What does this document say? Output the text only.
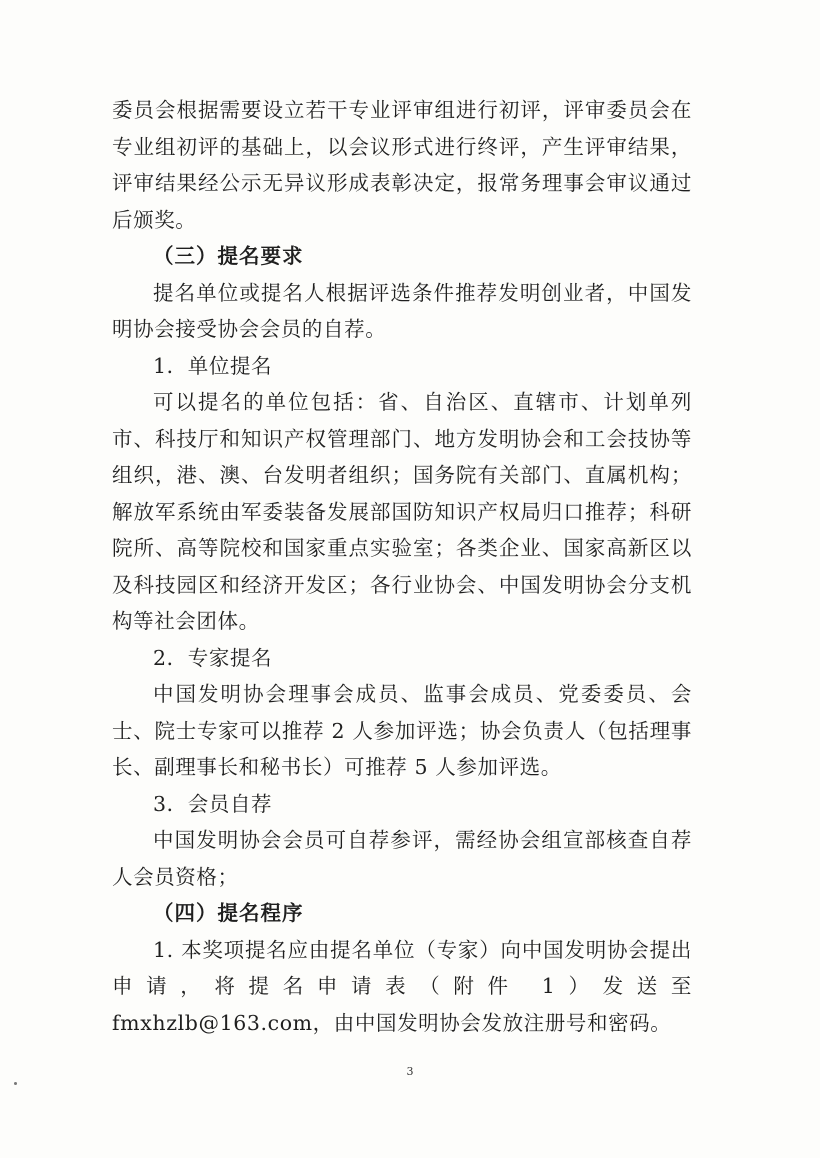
委员会根据需要设立若干专业评审组进行初评，评审委员会在专业组初评的基础上，以会议形式进行终评，产生评审结果，评审结果经公示无异议形成表彰决定，报常务理事会审议通过后颁奖。

（三）提名要求

提名单位或提名人根据评选条件推荐发明创业者，中国发明协会接受协会会员的自荐。

1．单位提名

可以提名的单位包括：省、自治区、直辖市、计划单列市、科技厅和知识产权管理部门、地方发明协会和工会技协等组织，港、澳、台发明者组织；国务院有关部门、直属机构；解放军系统由军委装备发展部国防知识产权局归口推荐；科研院所、高等院校和国家重点实验室；各类企业、国家高新区以及科技园区和经济开发区；各行业协会、中国发明协会分支机构等社会团体。

2．专家提名

中国发明协会理事会成员、监事会成员、党委委员、会士、院士专家可以推荐 2 人参加评选；协会负责人（包括理事长、副理事长和秘书长）可推荐 5 人参加评选。

3．会员自荐

中国发明协会会员可自荐参评，需经协会组宣部核查自荐人会员资格；

（四）提名程序

1. 本奖项提名应由提名单位（专家）向中国发明协会提出申请，将提名申请表（附件 1）发送至 fmxhzlb@163.com，由中国发明协会发放注册号和密码。

3
